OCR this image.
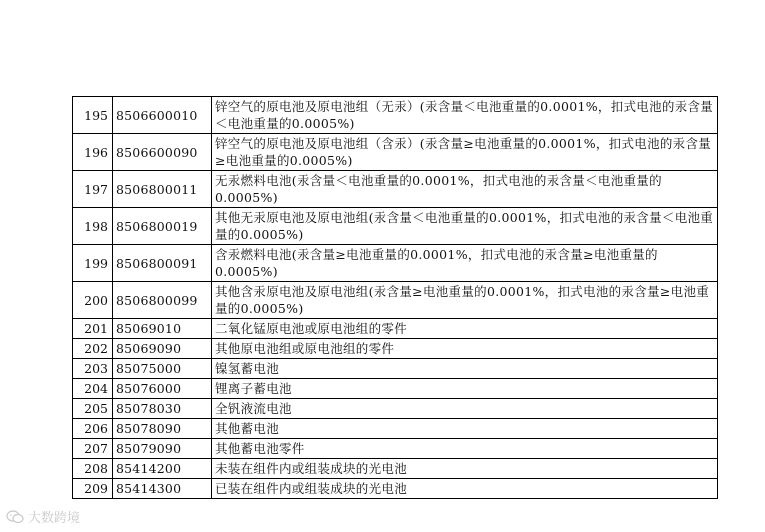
195	8506600010	锌空气的原电池及原电池组（无汞）(汞含量＜电池重量的0.0001%，扣式电池的汞含量＜电池重量的0.0005%)
196	8506600090	锌空气的原电池及原电池组（含汞）(汞含量≥电池重量的0.0001%，扣式电池的汞含量≥电池重量的0.0005%)
197	8506800011	无汞燃料电池(汞含量＜电池重量的0.0001%，扣式电池的汞含量＜电池重量的0.0005%)
198	8506800019	其他无汞原电池及原电池组(汞含量＜电池重量的0.0001%，扣式电池的汞含量＜电池重量的0.0005%)
199	8506800091	含汞燃料电池(汞含量≥电池重量的0.0001%，扣式电池的汞含量≥电池重量的0.0005%)
200	8506800099	其他含汞原电池及原电池组(汞含量≥电池重量的0.0001%，扣式电池的汞含量≥电池重量的0.0005%)
201	85069010	二氧化锰原电池或原电池组的零件
202	85069090	其他原电池组或原电池组的零件
203	85075000	镍氢蓄电池
204	85076000	锂离子蓄电池
205	85078030	全钒液流电池
206	85078090	其他蓄电池
207	85079090	其他蓄电池零件
208	85414200	未装在组件内或组装成块的光电池
209	85414300	已装在组件内或组装成块的光电池
大数跨境
